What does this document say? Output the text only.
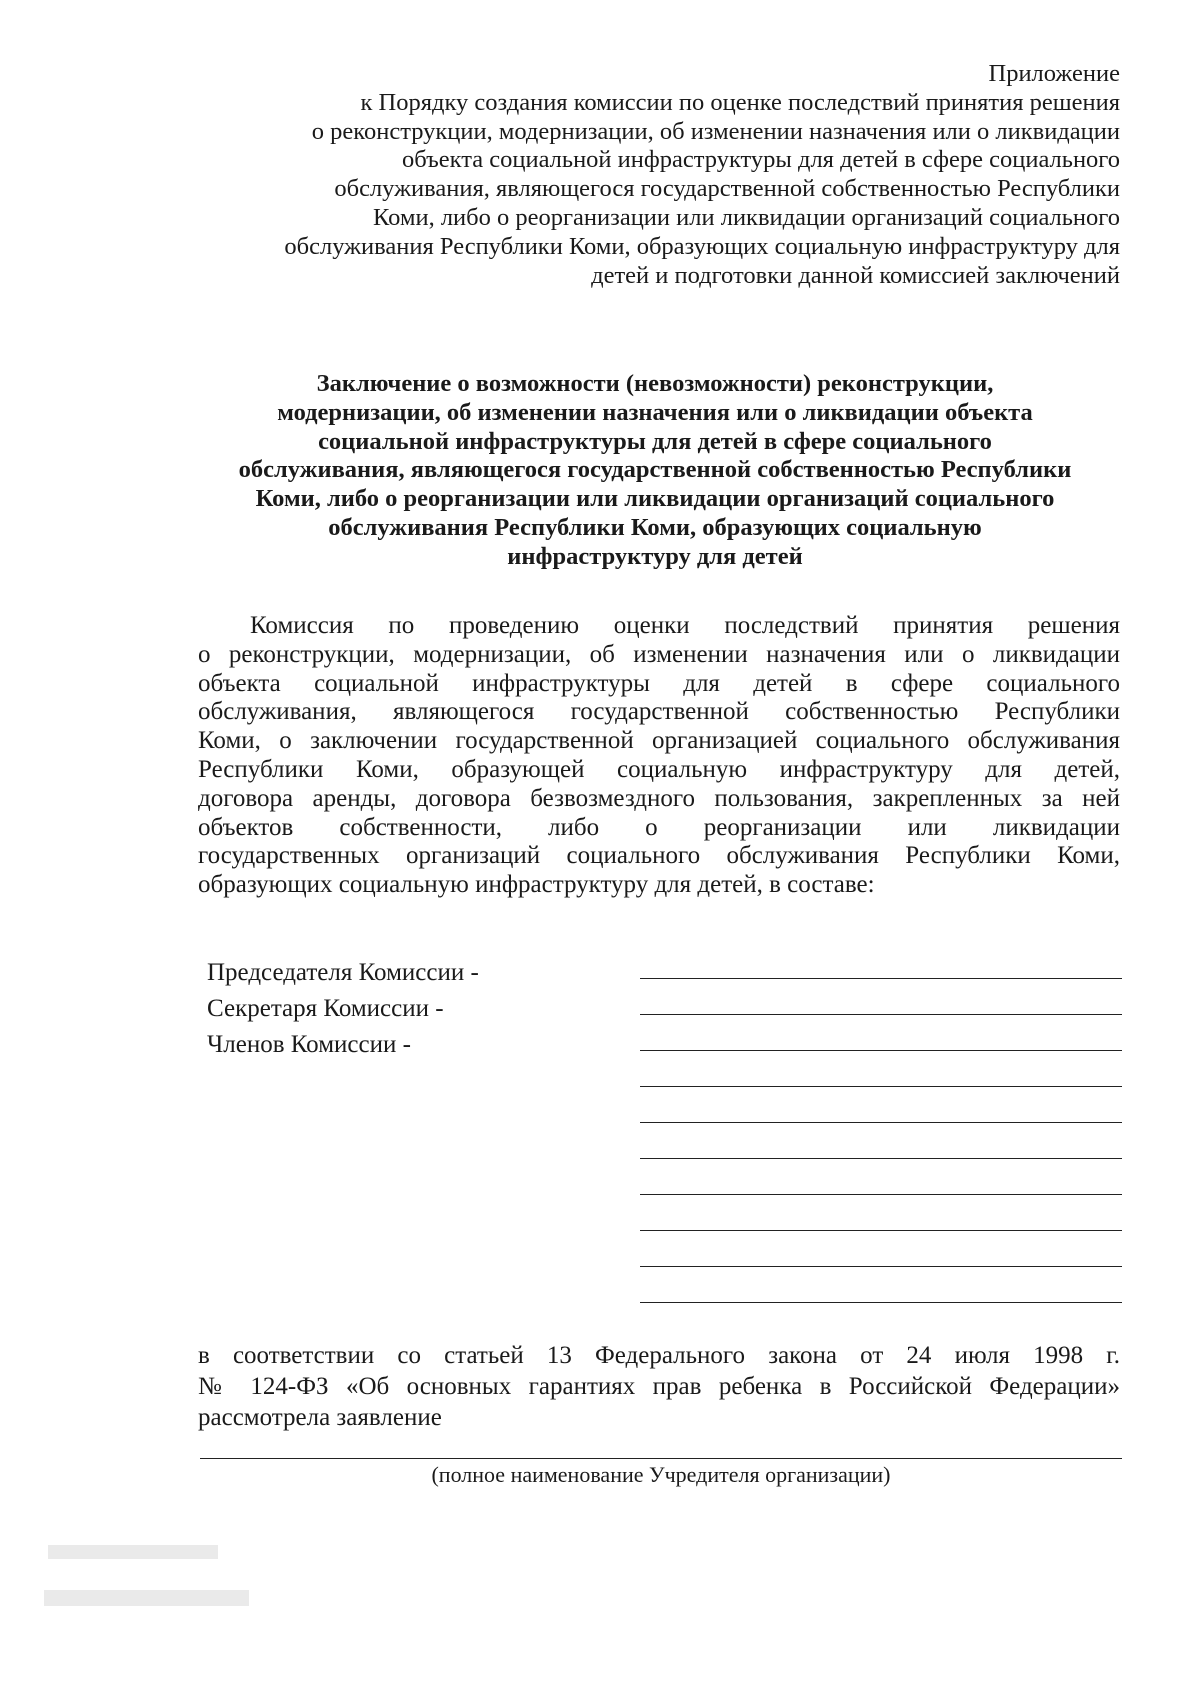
Приложение
к Порядку создания комиссии по оценке последствий принятия решения
о реконструкции, модернизации, об изменении назначения или о ликвидации
объекта социальной инфраструктуры для детей в сфере социального
обслуживания, являющегося государственной собственностью Республики
Коми, либо о реорганизации или ликвидации организаций социального
обслуживания Республики Коми, образующих социальную инфраструктуру для
детей и подготовки данной комиссией заключений
Заключение о возможности (невозможности) реконструкции,
модернизации, об изменении назначения или о ликвидации объекта
социальной инфраструктуры для детей в сфере социального
обслуживания, являющегося государственной собственностью Республики
Коми, либо о реорганизации или ликвидации организаций социального
обслуживания Республики Коми, образующих социальную
инфраструктуру для детей
Комиссия по проведению оценки последствий принятия решения
о реконструкции, модернизации, об изменении назначения или о ликвидации
объекта социальной инфраструктуры для детей в сфере социального
обслуживания, являющегося государственной собственностью Республики
Коми, о заключении государственной организацией социального обслуживания
Республики Коми, образующей социальную инфраструктуру для детей,
договора аренды, договора безвозмездного пользования, закрепленных за ней
объектов собственности, либо о реорганизации или ликвидации
государственных организаций социального обслуживания Республики Коми,
образующих социальную инфраструктуру для детей, в составе:
Председателя Комиссии -
Секретаря Комиссии -
Членов Комиссии -
в соответствии со статьей 13 Федерального закона от 24 июля 1998 г.
№ 124-ФЗ «Об основных гарантиях прав ребенка в Российской Федерации»
рассмотрела заявление
(полное наименование Учредителя организации)
